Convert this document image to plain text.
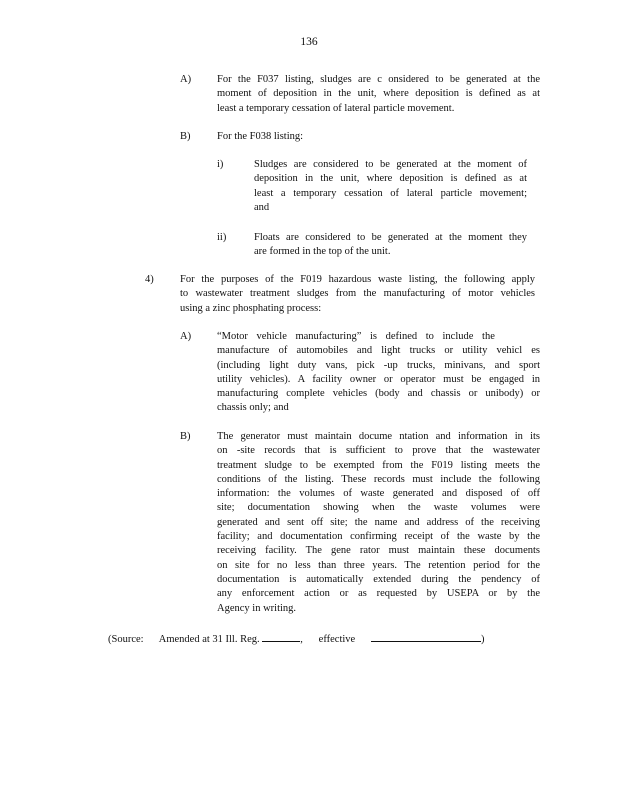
136
A) For the F037 listing, sludges are c onsidered to be generated at the
moment of deposition in the unit, where deposition is defined as at
least a temporary cessation of lateral particle movement.
B)	For the F038 listing:
i)	Sludges are considered to be generated at the moment of
deposition in the unit, where deposition is defined as at
least a temporary cessation of lateral particle movement;
and
ii)	Floats are considered to be generated at the moment they
are formed in the top of the unit.
4)	For the purposes of the F019 hazardous waste listing, the following apply
to wastewater treatment sludges from the manufacturing of motor vehicles
using a zinc phosphating process:
A) “Motor vehicle manufacturing” is defined to include the
manufacture of automobiles and light trucks or utility vehicl es
(including light duty vans, pick -up trucks, minivans, and sport
utility vehicles). A facility owner or operator must be engaged in
manufacturing complete vehicles (body and chassis or unibody) or
chassis only; and
B)	The generator must maintain docume ntation and information in its
on -site records that is sufficient to prove that the wastewater
treatment sludge to be exempted from the F019 listing meets the
conditions of the listing. These records must include the following
information: the volumes of waste generated and disposed of off
site; documentation showing when the waste volumes were
generated and sent off site; the name and address of the receiving
facility; and documentation confirming receipt of the waste by the
receiving facility. The gene rator must maintain these documents
on site for no less than three years. The retention period for the
documentation is automatically extended during the pendency of
any enforcement action or as requested by USEPA or by the
Agency in writing.
(Source: Amended at 31 Ill. Reg.	, effective	)
